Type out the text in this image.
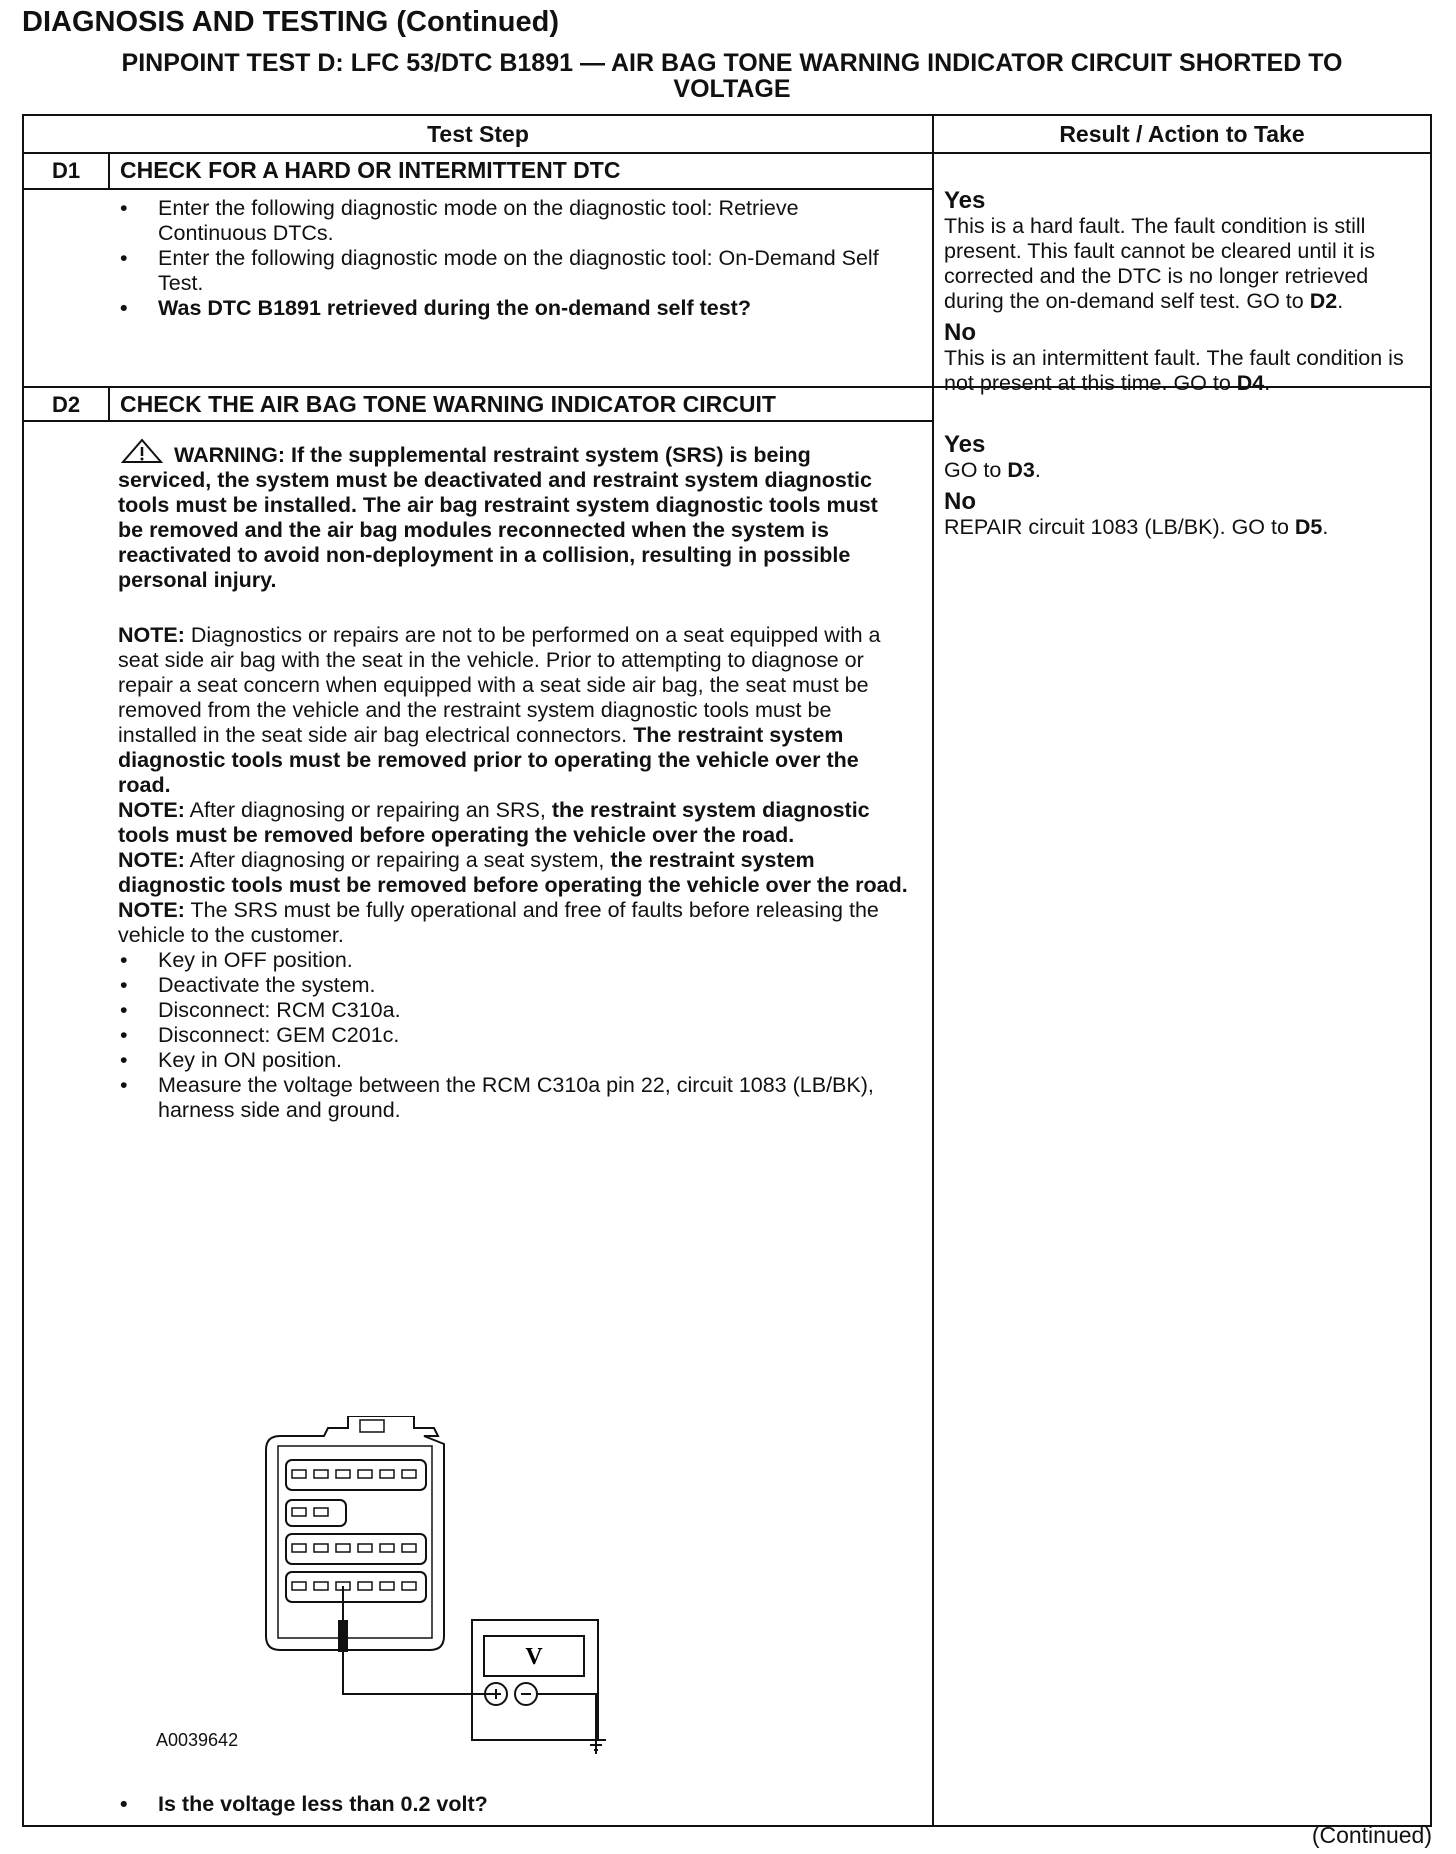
DIAGNOSIS AND TESTING (Continued)
PINPOINT TEST D: LFC 53/DTC B1891 — AIR BAG TONE WARNING INDICATOR CIRCUIT SHORTED TO
VOLTAGE
Test Step	Result / Action to Take
D1	CHECK FOR A HARD OR INTERMITTENT DTC
• Enter the following diagnostic mode on the diagnostic tool: Retrieve Continuous DTCs.
• Enter the following diagnostic mode on the diagnostic tool: On-Demand Self Test.
• Was DTC B1891 retrieved during the on-demand self test?

Yes

This is a hard fault. The fault condition is still present. This fault cannot be cleared until it is corrected and the DTC is no longer retrieved during the on-demand self test. GO to D2.

No

This is an intermittent fault. The fault condition is not present at this time. GO to D4.

D2	CHECK THE AIR BAG TONE WARNING INDICATOR CIRCUIT

WARNING: If the supplemental restraint system (SRS) is being serviced, the system must be deactivated and restraint system diagnostic tools must be installed. The air bag restraint system diagnostic tools must be removed and the air bag modules reconnected when the system is reactivated to avoid non-deployment in a collision, resulting in possible personal injury.

NOTE: Diagnostics or repairs are not to be performed on a seat equipped with a seat side air bag with the seat in the vehicle. Prior to attempting to diagnose or repair a seat concern when equipped with a seat side air bag, the seat must be removed from the vehicle and the restraint system diagnostic tools must be installed in the seat side air bag electrical connectors. The restraint system diagnostic tools must be removed prior to operating the vehicle over the road.

NOTE: After diagnosing or repairing an SRS, the restraint system diagnostic tools must be removed before operating the vehicle over the road.

NOTE: After diagnosing or repairing a seat system, the restraint system diagnostic tools must be removed before operating the vehicle over the road.

NOTE: The SRS must be fully operational and free of faults before releasing the vehicle to the customer.

• Key in OFF position.
• Deactivate the system.
• Disconnect: RCM C310a.
• Disconnect: GEM C201c.
• Key in ON position.
• Measure the voltage between the RCM C310a pin 22, circuit 1083 (LB/BK), harness side and ground.
V
A0039642
• Is the voltage less than 0.2 volt?

Yes

GO to D3.

No

REPAIR circuit 1083 (LB/BK). GO to D5.

(Continued)
